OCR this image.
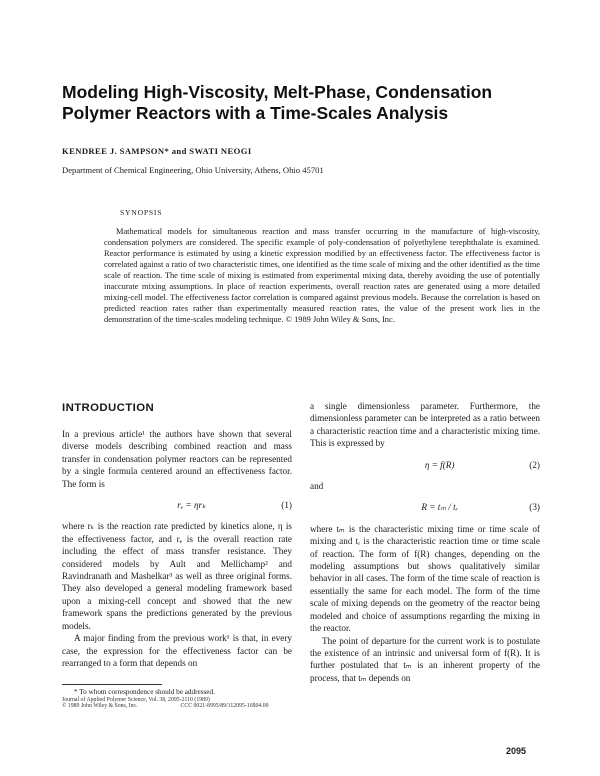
Modeling High-Viscosity, Melt-Phase, Condensation Polymer Reactors with a Time-Scales Analysis
KENDREE J. SAMPSON* and SWATI NEOGI
Department of Chemical Engineering, Ohio University, Athens, Ohio 45701
SYNOPSIS

Mathematical models for simultaneous reaction and mass transfer occurring in the manufacture of high-viscosity, condensation polymers are considered. The specific example of poly-condensation of polyethylene terephthalate is examined. Reactor performance is estimated by using a kinetic expression modified by an effectiveness factor. The effectiveness factor is correlated against a ratio of two characteristic times, one identified as the time scale of mixing and the other identified as the time scale of reaction. The time scale of mixing is estimated from experimental mixing data, thereby avoiding the use of potentially inaccurate mixing assumptions. In place of reaction experiments, overall reaction rates are generated using a more detailed mixing-cell model. The effectiveness factor correlation is compared against previous models. Because the correlation is based on predicted reaction rates rather than experimentally measured reaction rates, the value of the present work lies in the demonstration of the time-scales modeling technique. © 1989 John Wiley & Sons, Inc.

INTRODUCTION

In a previous article¹ the authors have shown that several diverse models describing combined reaction and mass transfer in condensation polymer reactors can be represented by a single formula centered around an effectiveness factor. The form is

rₑ = ηrₖ	(1)

where rₖ is the reaction rate predicted by kinetics alone, η is the effectiveness factor, and rₑ is the overall reaction rate including the effect of mass transfer resistance. They considered models by Ault and Mellichamp² and Ravindranath and Mashelkar³ as well as three original forms. They also developed a general modeling framework based upon a mixing-cell concept and showed that the new framework spans the predictions generated by the previous models.

A major finding from the previous work¹ is that, in every case, the expression for the effectiveness factor can be rearranged to a form that depends on

a single dimensionless parameter. Furthermore, the dimensionless parameter can be interpreted as a ratio between a characteristic reaction time and a characteristic mixing time. This is expressed by

η = f(R)	(2)

and

R = tₘ / tᵣ	(3)

where tₘ is the characteristic mixing time or time scale of mixing and tᵣ is the characteristic reaction time or time scale of reaction. The form of f(R) changes, depending on the modeling assumptions but shows qualitatively similar behavior in all cases. The form of the time scale of reaction is essentially the same for each model. The form of the time scale of mixing depends on the geometry of the reactor being modeled and choice of assumptions regarding the mixing in the reactor.

The point of departure for the current work is to postulate the existence of an intrinsic and universal form of f(R). It is further postulated that tₘ is an inherent property of the process, that tₘ depends on

* To whom correspondence should be addressed.

Journal of Applied Polymer Science, Vol. 38, 2095-2110 (1989)

© 1989 John Wiley & Sons, Inc.	CCC 0021-8995/89/112095-16$04.00

2095
